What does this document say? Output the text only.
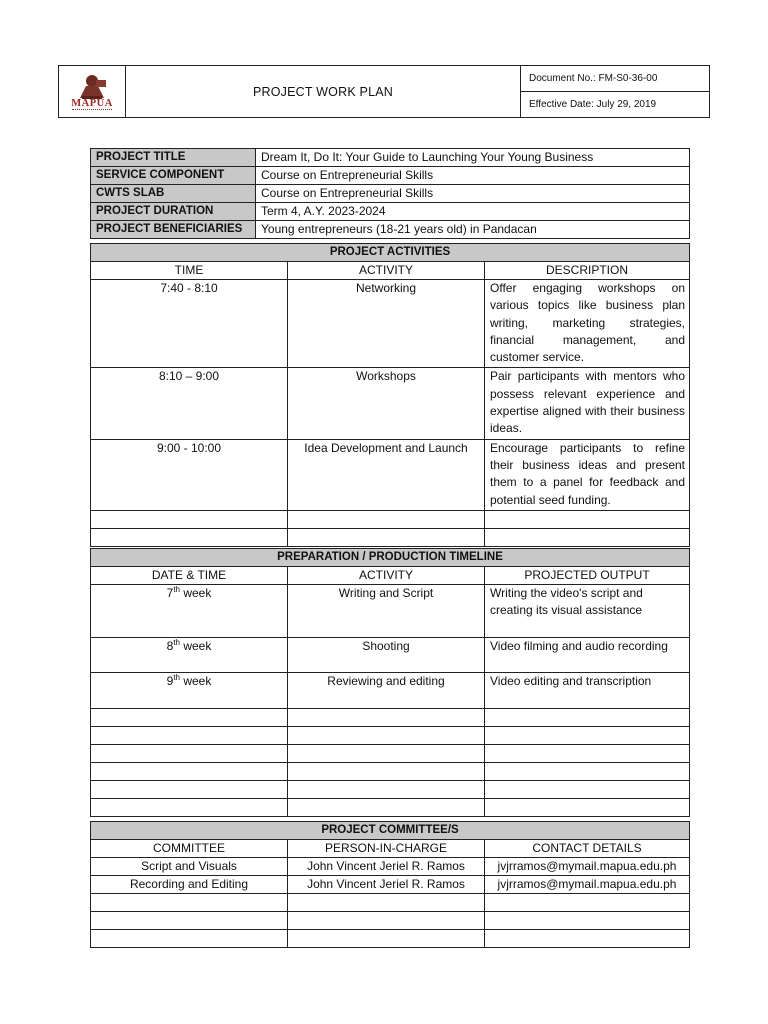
MAPÚA
	PROJECT WORK PLAN	Document No.: FM-S0-36-00
Effective Date: July 29, 2019
PROJECT TITLE	Dream It, Do It: Your Guide to Launching Your Young Business
SERVICE COMPONENT	Course on Entrepreneurial Skills
CWTS SLAB	Course on Entrepreneurial Skills
PROJECT DURATION	Term 4, A.Y. 2023-2024
PROJECT BENEFICIARIES	Young entrepreneurs (18-21 years old) in Pandacan
PROJECT ACTIVITIES		
TIME	ACTIVITY	DESCRIPTION
7:40 - 8:10	Networking	Offer engaging workshops on various topics like business plan writing, marketing strategies, financial management, and customer service.
8:10 – 9:00	Workshops	Pair participants with mentors who possess relevant experience and expertise aligned with their business ideas.
9:00 - 10:00	Idea Development and Launch	Encourage participants to refine their business ideas and present them to a panel for feedback and potential seed funding.

PREPARATION / PRODUCTION TIMELINE		
DATE & TIME	ACTIVITY	PROJECTED OUTPUT
7th week	Writing and Script	Writing the video's script and creating its visual assistance
8th week	Shooting	Video filming and audio recording
9th week	Reviewing and editing	Video editing and transcription

PROJECT COMMITTEE/S		
COMMITTEE	PERSON-IN-CHARGE	CONTACT DETAILS
Script and Visuals	John Vincent Jeriel R. Ramos	jvjrramos@mymail.mapua.edu.ph
Recording and Editing	John Vincent Jeriel R. Ramos	jvjrramos@mymail.mapua.edu.ph
